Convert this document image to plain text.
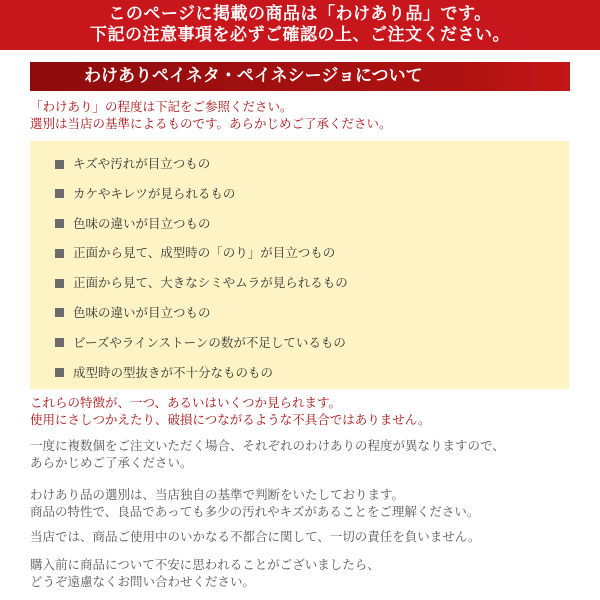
このページに掲載の商品は「わけあり品」です。
下記の注意事項を必ずご確認の上、ご注文ください。
わけありペイネタ・ペイネシージョについて
「わけあり」の程度は下記をご参照ください。
選別は当店の基準によるものです。あらかじめご了承ください。
キズや汚れが目立つもの
カケやキレツが見られるもの
色味の違いが目立つもの
正面から見て、成型時の「のり」が目立つもの
正面から見て、大きなシミやムラが見られるもの
色味の違いが目立つもの
ビーズやラインストーンの数が不足しているもの
成型時の型抜きが不十分なものもの
これらの特徴が、一つ、あるいはいくつか見られます。
使用にさしつかえたり、破損につながるような不具合ではありません。
一度に複数個をご注文いただく場合、それぞれのわけありの程度が異なりますので、
あらかじめご了承ください。
わけあり品の選別は、当店独自の基準で判断をいたしております。
商品の特性で、良品であっても多少の汚れやキズがあることをご理解ください。
当店では、商品ご使用中のいかなる不都合に関して、一切の責任を負いません。
購入前に商品について不安に思われることがございましたら、
どうぞ遠慮なくお問い合わせください。
